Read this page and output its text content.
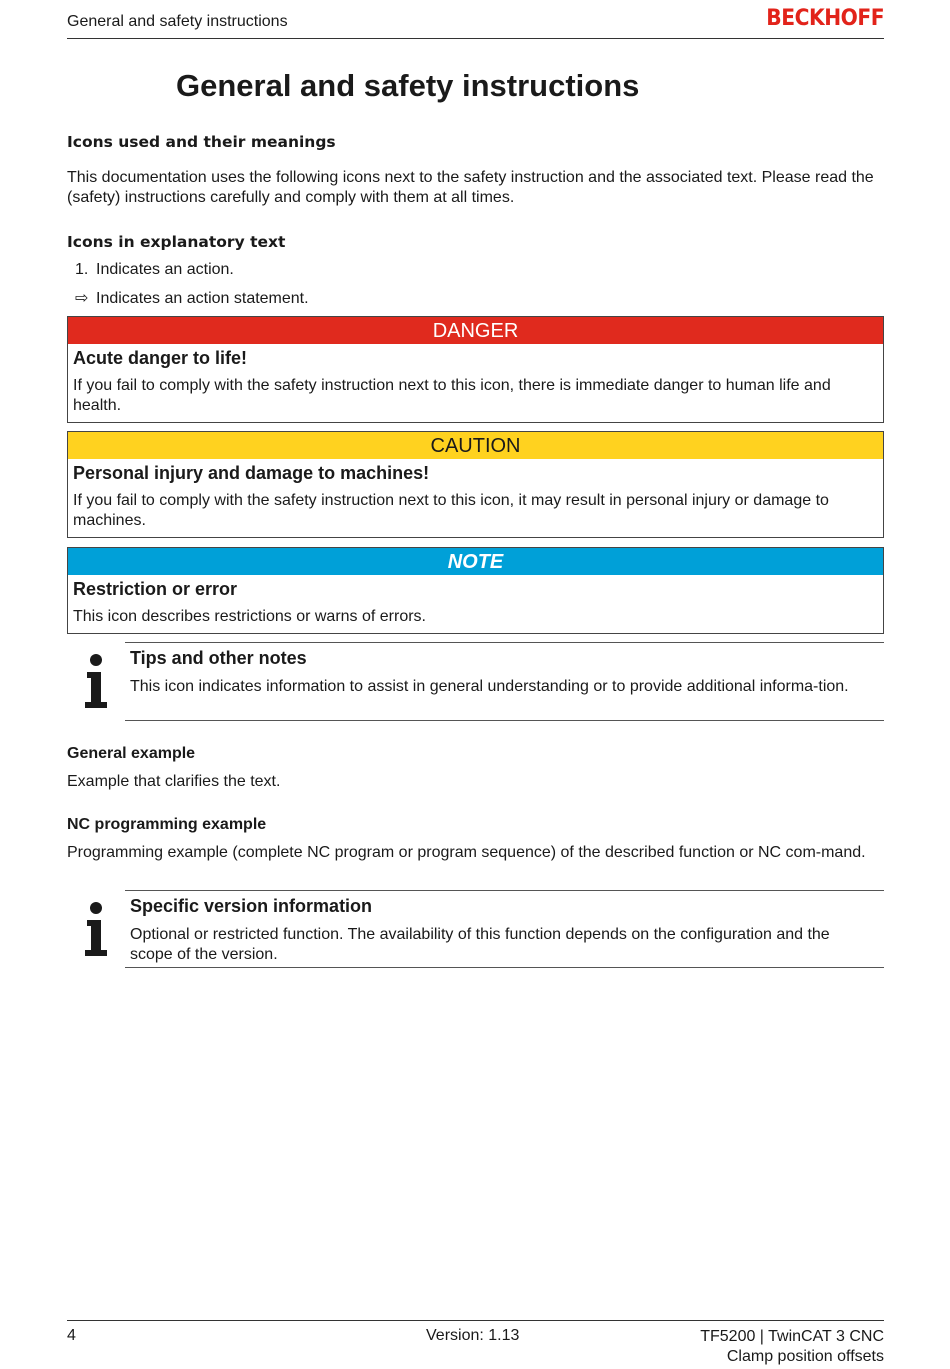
General and safety instructions	BECKHOFF
General and safety instructions
Icons used and their meanings

This documentation uses the following icons next to the safety instruction and the associated text. Please read the (safety) instructions carefully and comply with them at all times.

Icons in explanatory text
1. Indicates an action.
⇨ Indicates an action statement.
DANGER
Acute danger to life!
If you fail to comply with the safety instruction next to this icon, there is immediate danger to human life and health.
CAUTION
Personal injury and damage to machines!
If you fail to comply with the safety instruction next to this icon, it may result in personal injury or damage to machines.
NOTE
Restriction or error
This icon describes restrictions or warns of errors.
Tips and other notes
This icon indicates information to assist in general understanding or to provide additional informa-tion.
General example

Example that clarifies the text.

NC programming example

Programming example (complete NC program or program sequence) of the described function or NC com-mand.

Specific version information
Optional or restricted function. The availability of this function depends on the configuration and the scope of the version.
4	Version: 1.13	TF5200 | TwinCAT 3 CNC
Clamp position offsets
